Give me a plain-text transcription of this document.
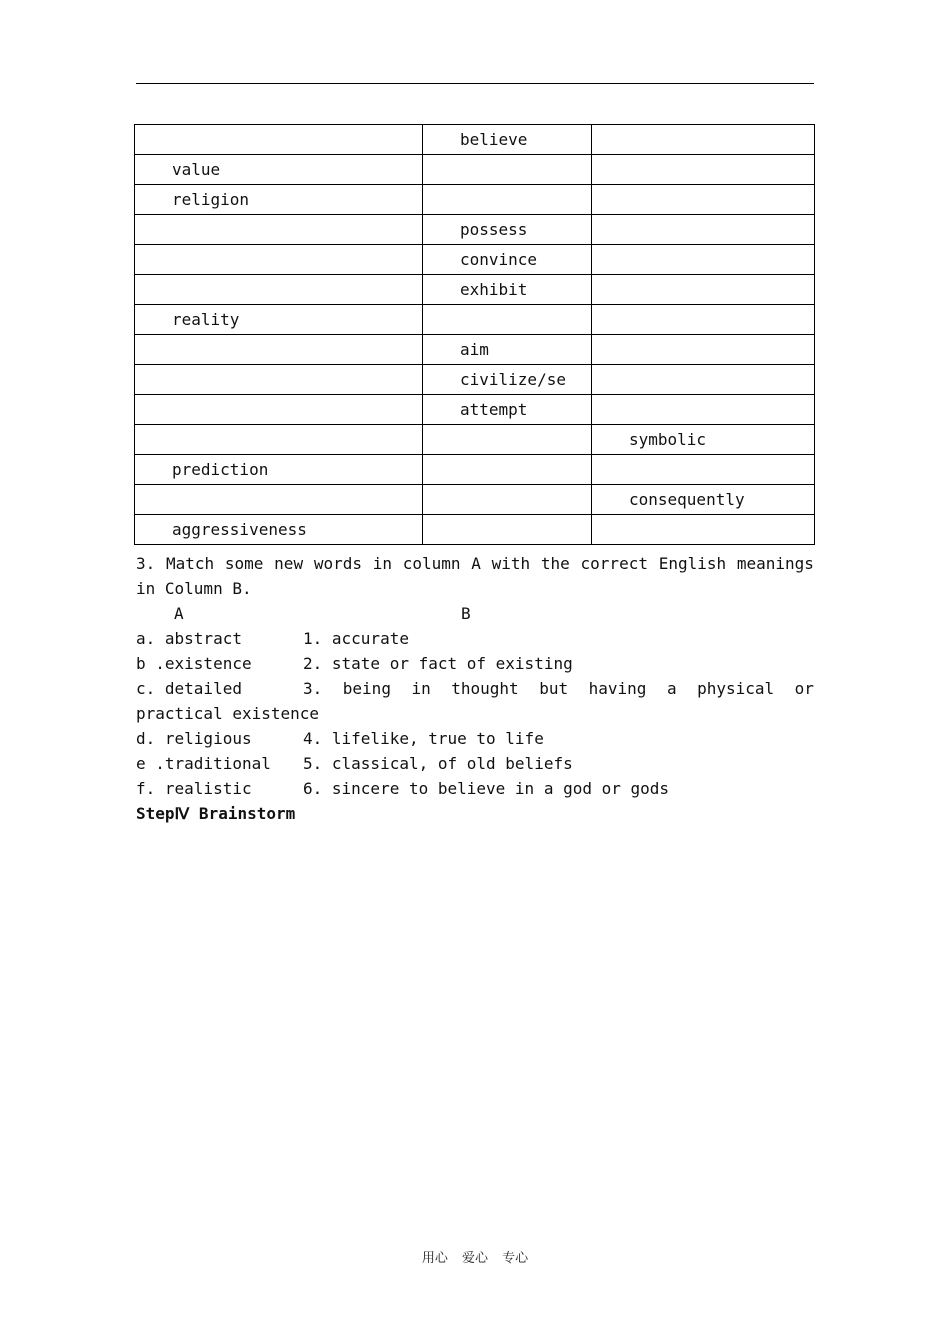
	believe	
value		
religion		
	possess	
	convince	
	exhibit	
reality		
	aim	
	civilize/se	
	attempt	
		symbolic
prediction		
		consequently
aggressiveness		
3. Match some new words in column A with the correct English meanings
in Column B.
A	B
a. abstract	1. accurate
b .existence	2. state or fact of existing
c. detailed	3. being in thought but having a physical or
practical existence
d. religious	4. lifelike, true to life
e .traditional 5. classical, of old beliefs
f. realistic	6. sincere to believe in a god or gods
StepⅣ Brainstorm
用心 爱心 专心
